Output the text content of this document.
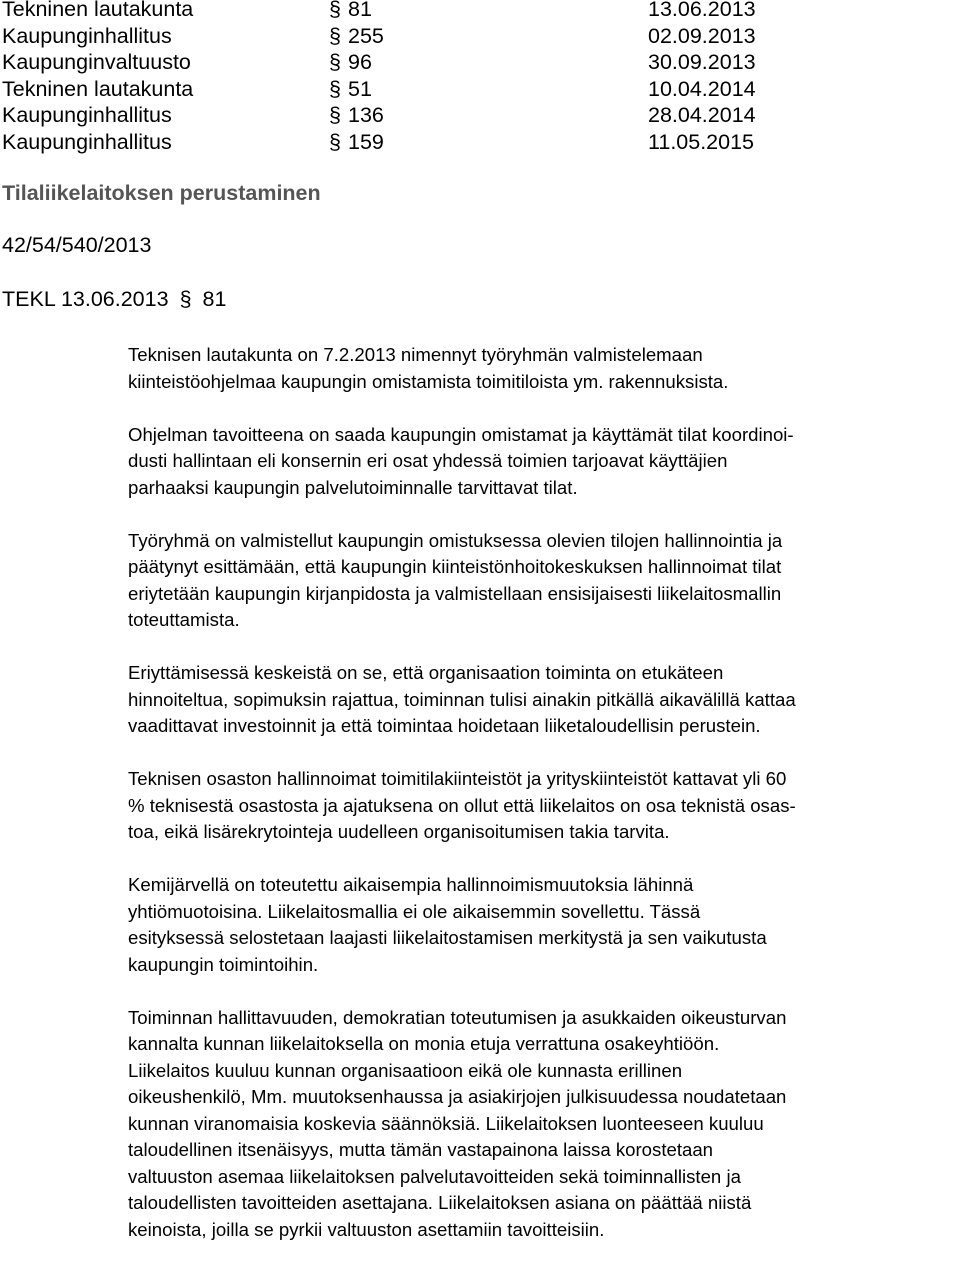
Tekninen lautakunta	§ 81	13.06.2013
Kaupunginhallitus	§ 255	02.09.2013
Kaupunginvaltuusto	§ 96	30.09.2013
Tekninen lautakunta	§ 51	10.04.2014
Kaupunginhallitus	§ 136	28.04.2014
Kaupunginhallitus	§ 159	11.05.2015
Tilaliikelaitoksen perustaminen
42/54/540/2013
TEKL 13.06.2013 § 81

Teknisen lautakunta on 7.2.2013 nimennyt työryhmän valmistelemaan
kiinteistöohjelmaa kaupungin omistamista toimitiloista ym. rakennuksista.

Ohjelman tavoitteena on saada kaupungin omistamat ja käyttämät tilat koordinoi-
dusti hallintaan eli konsernin eri osat yhdessä toimien tarjoavat käyttäjien
parhaaksi kaupungin palvelutoiminnalle tarvittavat tilat.

Työryhmä on valmistellut kaupungin omistuksessa olevien tilojen hallinnointia ja
päätynyt esittämään, että kaupungin kiinteistönhoitokeskuksen hallinnoimat tilat
eriytetään kaupungin kirjanpidosta ja valmistellaan ensisijaisesti liikelaitosmallin
toteuttamista.

Eriyttämisessä keskeistä on se, että organisaation toiminta on etukäteen
hinnoiteltua, sopimuksin rajattua, toiminnan tulisi ainakin pitkällä aikavälillä kattaa
vaadittavat investoinnit ja että toimintaa hoidetaan liiketaloudellisin perustein.

Teknisen osaston hallinnoimat toimitilakiinteistöt ja yrityskiinteistöt kattavat yli 60
% teknisestä osastosta ja ajatuksena on ollut että liikelaitos on osa teknistä osas-
toa, eikä lisärekrytointeja uudelleen organisoitumisen takia tarvita.

Kemijärvellä on toteutettu aikaisempia hallinnoimismuutoksia lähinnä
yhtiömuotoisina. Liikelaitosmallia ei ole aikaisemmin sovellettu. Tässä
esityksessä selostetaan laajasti liikelaitostamisen merkitystä ja sen vaikutusta
kaupungin toimintoihin.

Toiminnan hallittavuuden, demokratian toteutumisen ja asukkaiden oikeusturvan
kannalta kunnan liikelaitoksella on monia etuja verrattuna osakeyhtiöön.
Liikelaitos kuuluu kunnan organisaatioon eikä ole kunnasta erillinen
oikeushenkilö, Mm. muutoksenhaussa ja asiakirjojen julkisuudessa noudatetaan
kunnan viranomaisia koskevia säännöksiä. Liikelaitoksen luonteeseen kuuluu
taloudellinen itsenäisyys, mutta tämän vastapainona laissa korostetaan
valtuuston asemaa liikelaitoksen palvelutavoitteiden sekä toiminnallisten ja
taloudellisten tavoitteiden asettajana. Liikelaitoksen asiana on päättää niistä
keinoista, joilla se pyrkii valtuuston asettamiin tavoitteisiin.
